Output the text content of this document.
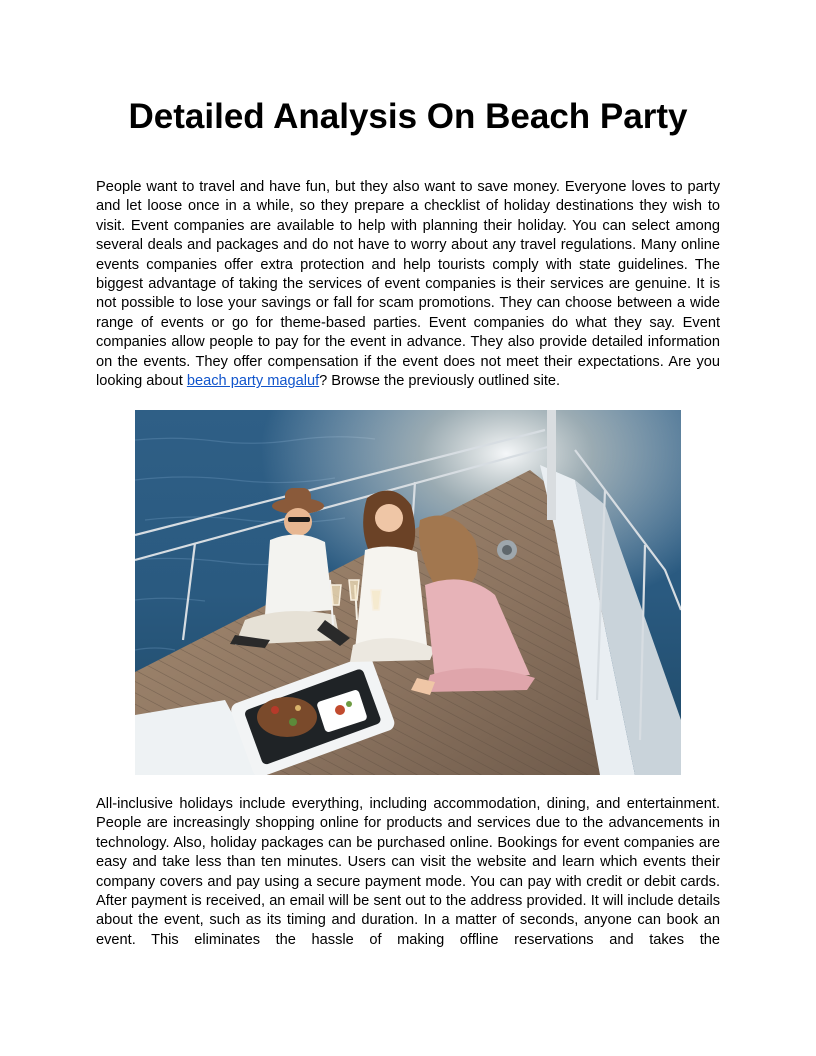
Detailed Analysis On Beach Party

People want to travel and have fun, but they also want to save money. Everyone loves to party and let loose once in a while, so they prepare a checklist of holiday destinations they wish to visit. Event companies are available to help with planning their holiday. You can select among several deals and packages and do not have to worry about any travel regulations. Many online events companies offer extra protection and help tourists comply with state guidelines. The biggest advantage of taking the services of event companies is their services are genuine. It is not possible to lose your savings or fall for scam promotions. They can choose between a wide range of events or go for theme-based parties. Event companies do what they say. Event companies allow people to pay for the event in advance. They also provide detailed information on the events. They offer compensation if the event does not meet their expectations. Are you looking about beach party magaluf? Browse the previously outlined site.

All-inclusive holidays include everything, including accommodation, dining, and entertainment. People are increasingly shopping online for products and services due to the advancements in technology. Also, holiday packages can be purchased online. Bookings for event companies are easy and take less than ten minutes. Users can visit the website and learn which events their company covers and pay using a secure payment mode. You can pay with credit or debit cards. After payment is received, an email will be sent out to the address provided. It will include details about the event, such as its timing and duration. In a matter of seconds, anyone can book an event. This eliminates the hassle of making offline reservations and takes the
